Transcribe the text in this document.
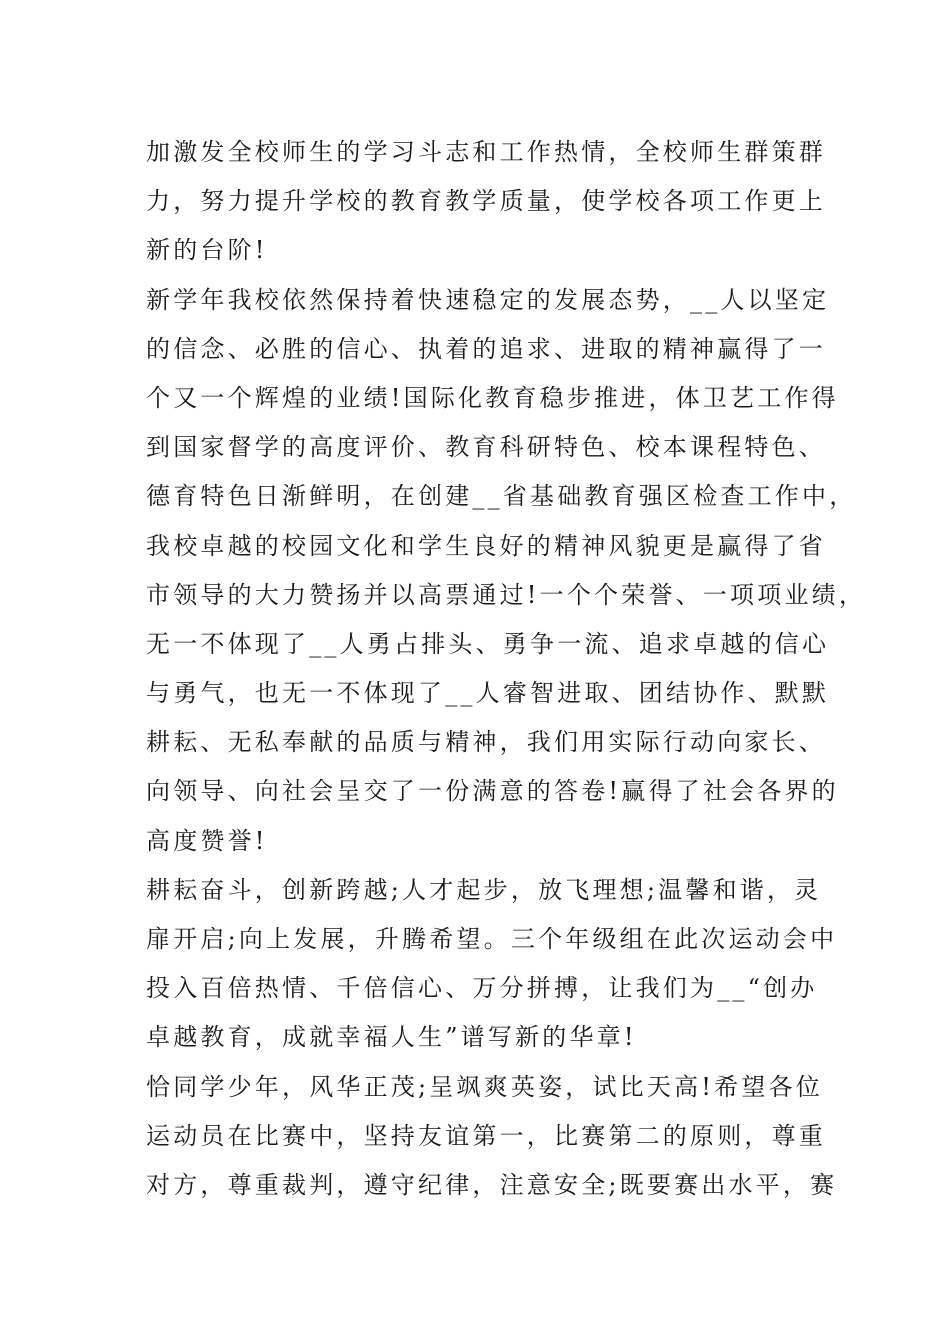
加激发全校师生的学习斗志和工作热情，全校师生群策群
力，努力提升学校的教育教学质量，使学校各项工作更上
新的台阶!
新学年我校依然保持着快速稳定的发展态势，__人以坚定
的信念、必胜的信心、执着的追求、进取的精神赢得了一
个又一个辉煌的业绩!国际化教育稳步推进，体卫艺工作得
到国家督学的高度评价、教育科研特色、校本课程特色、
德育特色日渐鲜明，在创建__省基础教育强区检查工作中，
我校卓越的校园文化和学生良好的精神风貌更是赢得了省
市领导的大力赞扬并以高票通过!一个个荣誉、一项项业绩，
无一不体现了__人勇占排头、勇争一流、追求卓越的信心
与勇气，也无一不体现了__人睿智进取、团结协作、默默
耕耘、无私奉献的品质与精神，我们用实际行动向家长、
向领导、向社会呈交了一份满意的答卷!赢得了社会各界的
高度赞誉!
耕耘奋斗，创新跨越;人才起步，放飞理想;温馨和谐，灵
扉开启;向上发展，升腾希望。三个年级组在此次运动会中
投入百倍热情、千倍信心、万分拼搏，让我们为__“创办
卓越教育，成就幸福人生”谱写新的华章!
恰同学少年，风华正茂;呈飒爽英姿，试比天高!希望各位
运动员在比赛中，坚持友谊第一，比赛第二的原则，尊重
对方，尊重裁判，遵守纪律，注意安全;既要赛出水平，赛
